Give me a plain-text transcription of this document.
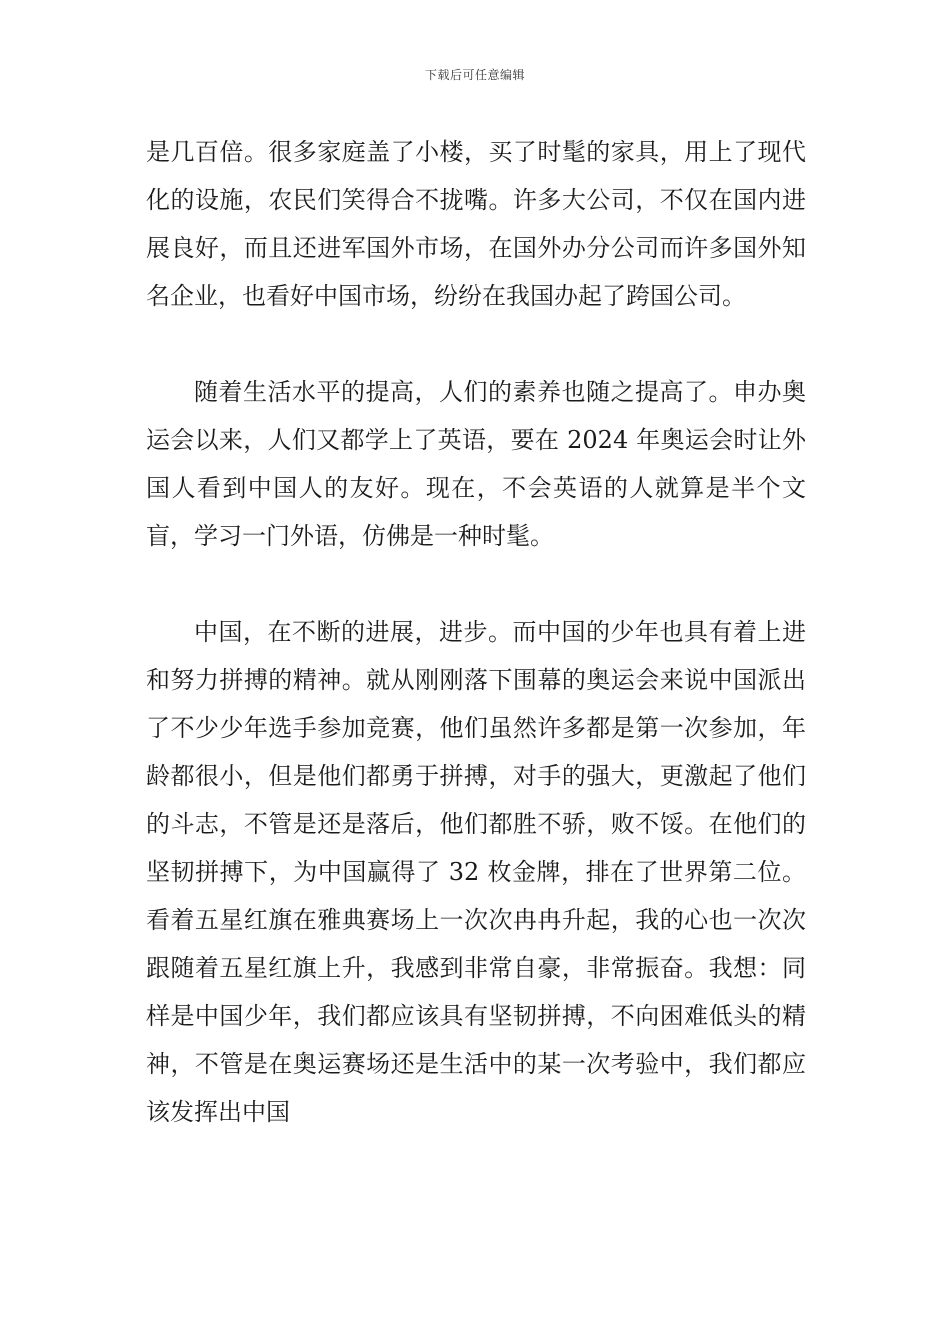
下载后可任意编辑

是几百倍。很多家庭盖了小楼，买了时髦的家具，用上了现代化的设施，农民们笑得合不拢嘴。许多大公司，不仅在国内进展良好，而且还进军国外市场，在国外办分公司而许多国外知名企业，也看好中国市场，纷纷在我国办起了跨国公司。

随着生活水平的提高，人们的素养也随之提高了。申办奥运会以来，人们又都学上了英语，要在 2024 年奥运会时让外国人看到中国人的友好。现在，不会英语的人就算是半个文盲，学习一门外语，仿佛是一种时髦。

中国，在不断的进展，进步。而中国的少年也具有着上进和努力拼搏的精神。就从刚刚落下围幕的奥运会来说中国派出了不少少年选手参加竞赛，他们虽然许多都是第一次参加，年龄都很小，但是他们都勇于拼搏，对手的强大，更激起了他们的斗志，不管是还是落后，他们都胜不骄，败不馁。在他们的坚韧拼搏下，为中国赢得了 32 枚金牌，排在了世界第二位。看着五星红旗在雅典赛场上一次次冉冉升起，我的心也一次次跟随着五星红旗上升，我感到非常自豪，非常振奋。我想：同样是中国少年，我们都应该具有坚韧拼搏，不向困难低头的精神，不管是在奥运赛场还是生活中的某一次考验中，我们都应该发挥出中国
